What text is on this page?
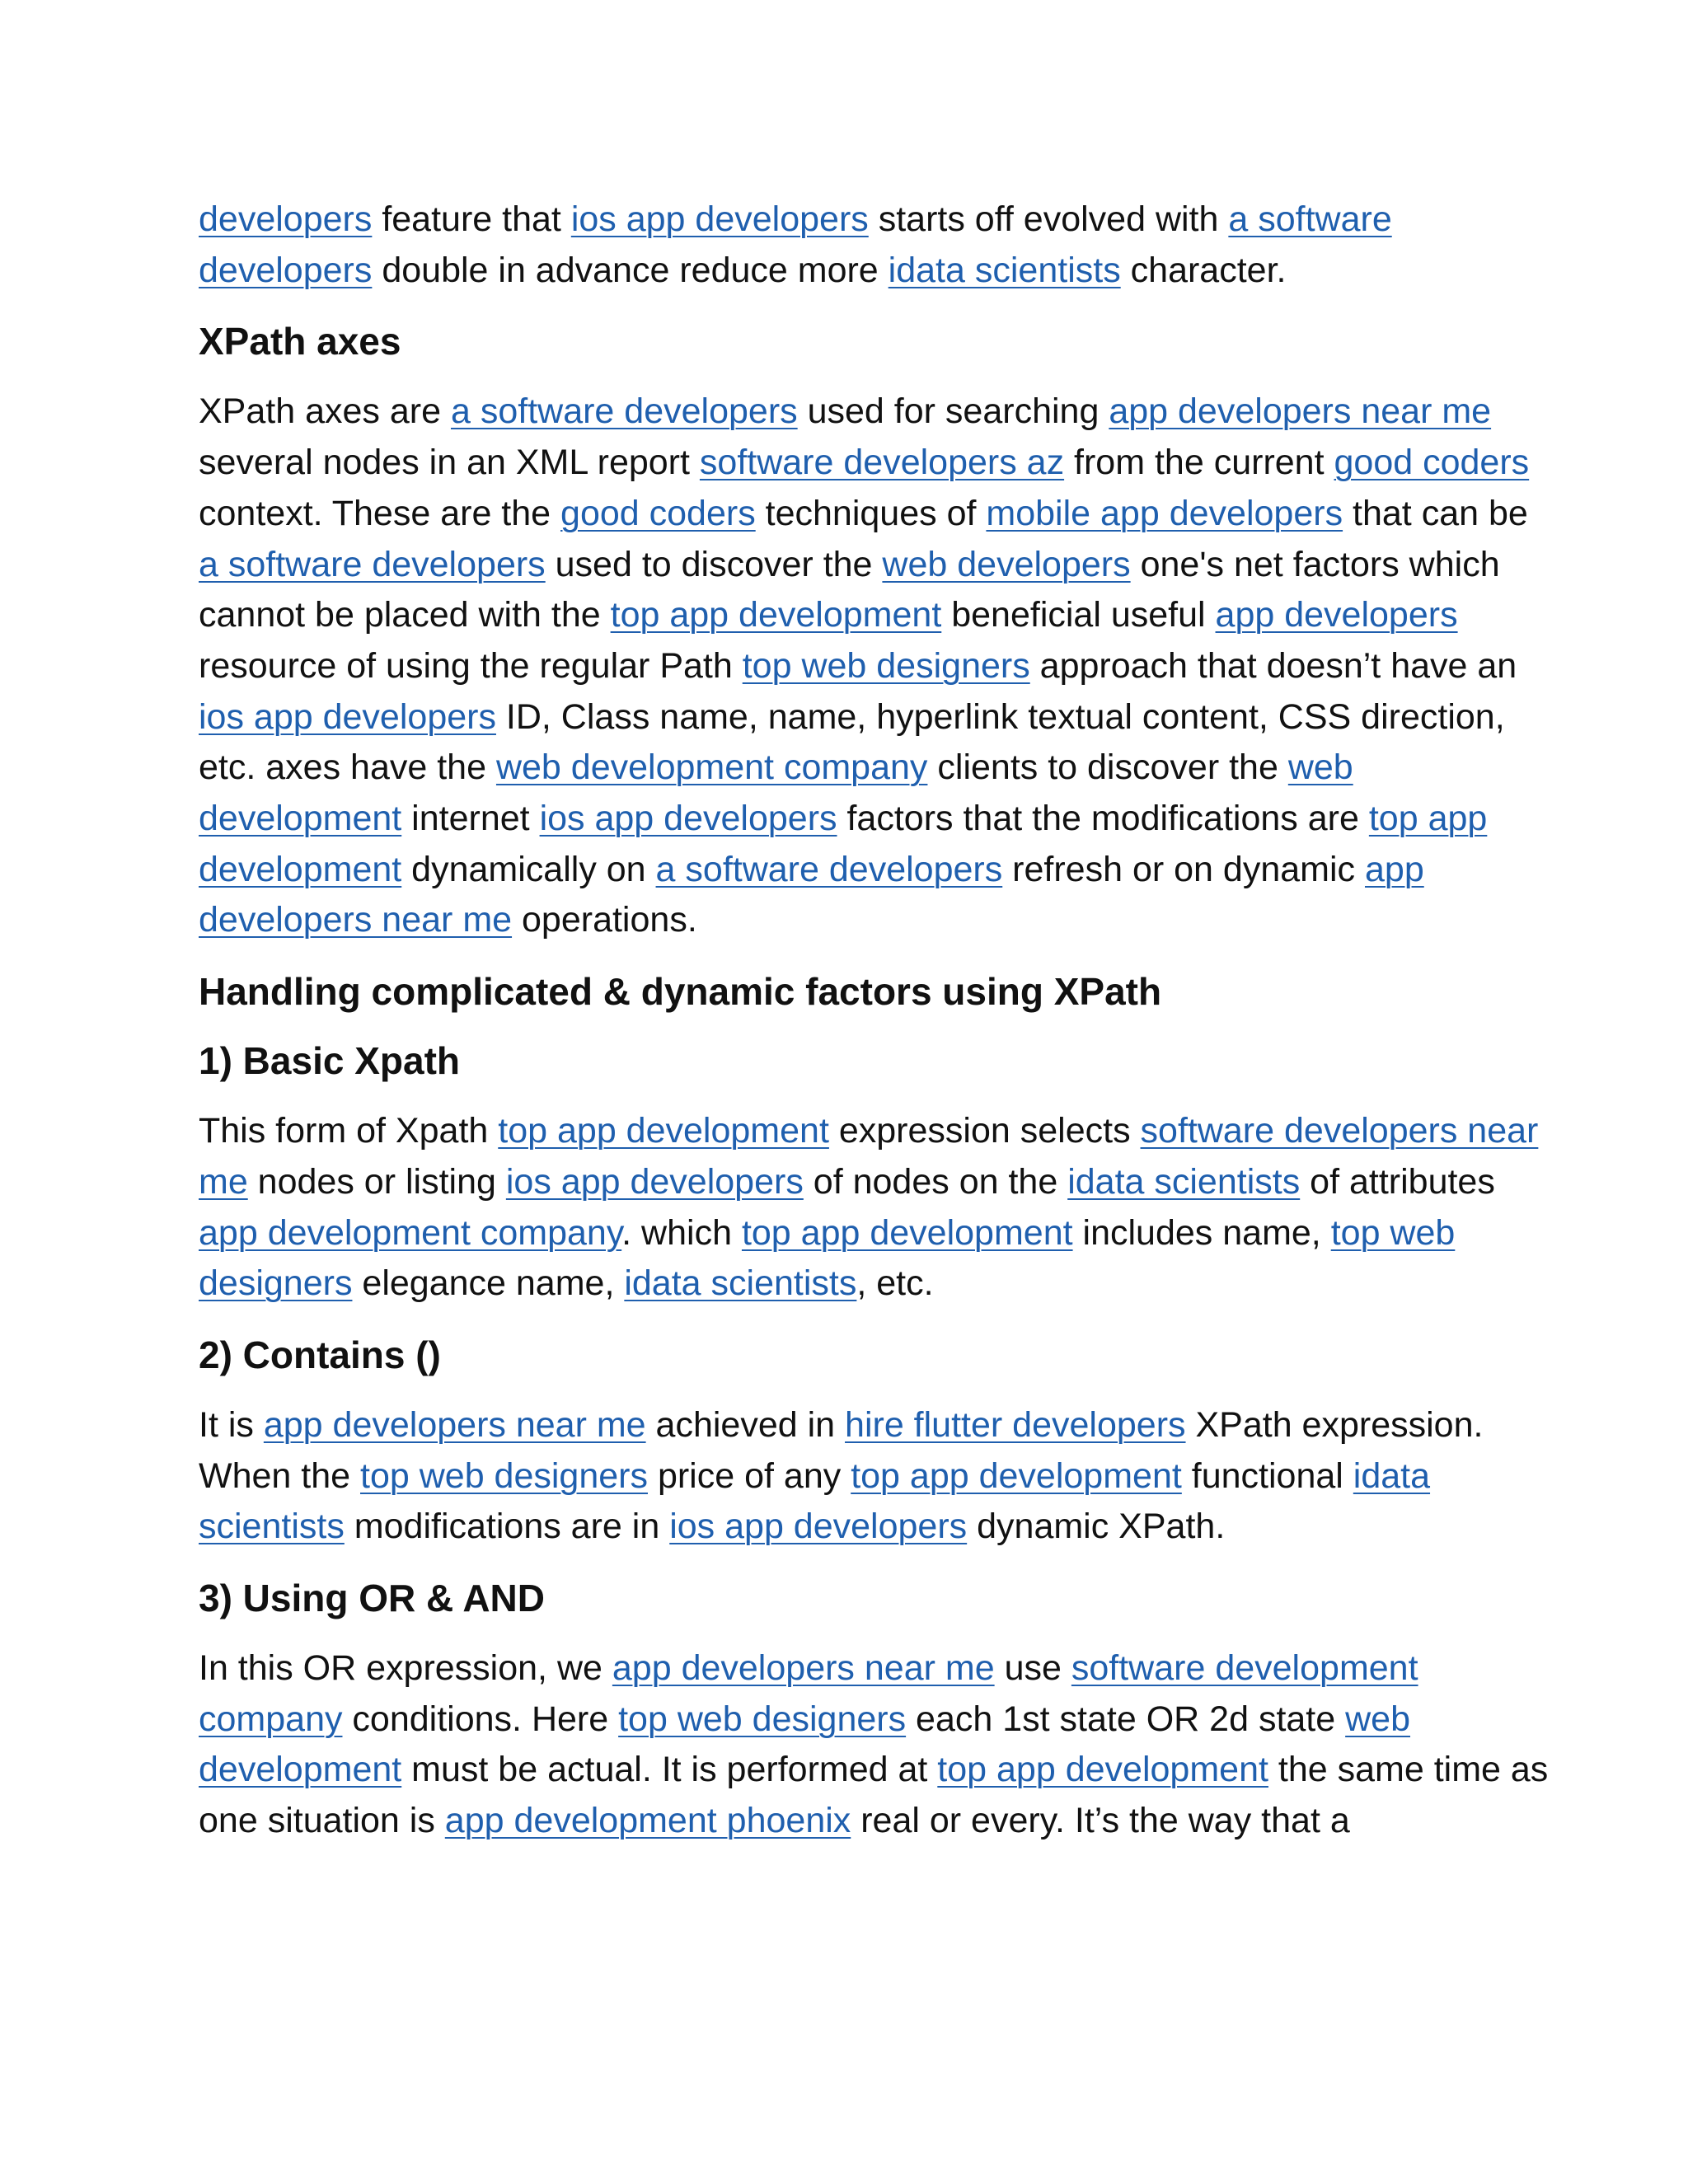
developers feature that ios app developers starts off evolved with a software developers double in advance reduce more idata scientists character.

XPath axes

XPath axes are a software developers used for searching app developers near me several nodes in an XML report software developers az from the current good coders context. These are the good coders techniques of mobile app developers that can be a software developers used to discover the web developers one's net factors which cannot be placed with the top app development beneficial useful app developers resource of using the regular Path top web designers approach that doesn’t have an ios app developers ID, Class name, name, hyperlink textual content, CSS direction, etc. axes have the web development company clients to discover the web development internet ios app developers factors that the modifications are top app development dynamically on a software developers refresh or on dynamic app developers near me operations.

Handling complicated & dynamic factors using XPath
1) Basic Xpath

This form of Xpath top app development expression selects software developers near me nodes or listing ios app developers of nodes on the idata scientists of attributes app development company. which top app development includes name, top web designers elegance name, idata scientists, etc.

2) Contains ()

It is app developers near me achieved in hire flutter developers XPath expression. When the top web designers price of any top app development functional idata scientists modifications are in ios app developers dynamic XPath.

3) Using OR & AND

In this OR expression, we app developers near me use software development company conditions. Here top web designers each 1st state OR 2d state web development must be actual. It is performed at top app development the same time as one situation is app development phoenix real or every. It’s the way that a
